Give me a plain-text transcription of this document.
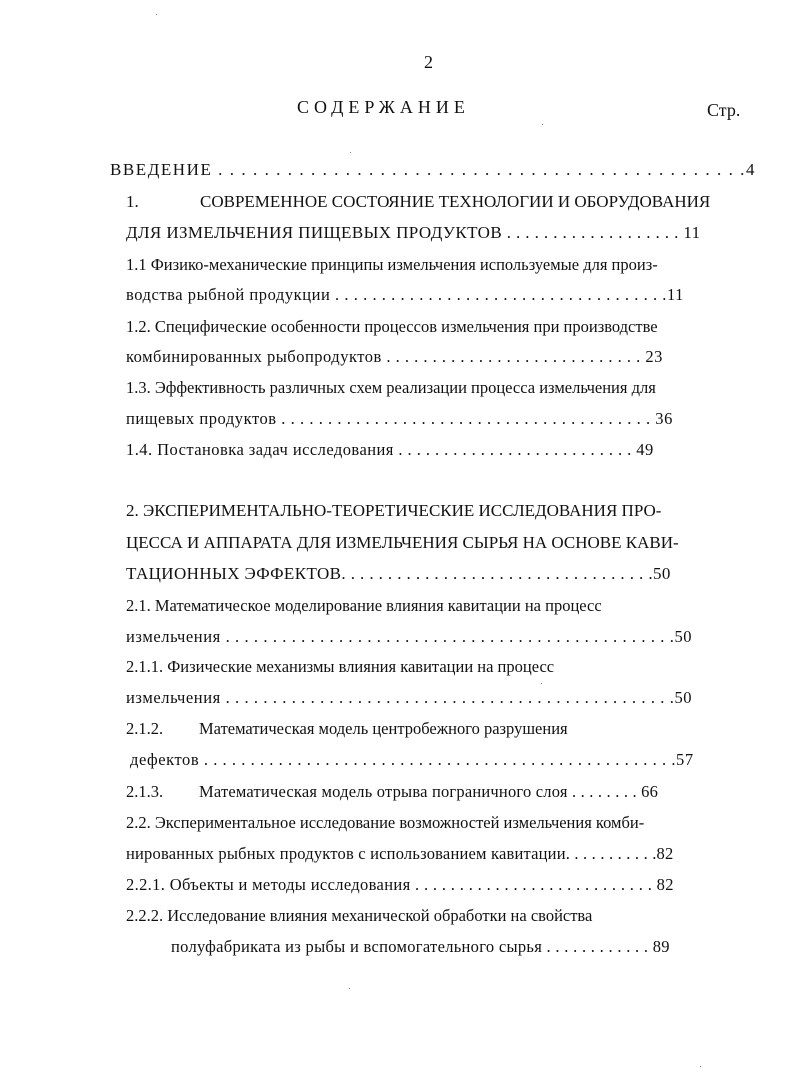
2
СОДЕРЖАНИЕ	Стр.
ВВЕДЕНИЕ . . . . . . . . . . . . . . . . . . . . . . . . . . . . . . . . . . . . . . . . . . . . . .4
1.	СОВРЕМЕННОЕ СОСТОЯНИЕ ТЕХНОЛОГИИ И ОБОРУДОВАНИЯ
ДЛЯ ИЗМЕЛЬЧЕНИЯ ПИЩЕВЫХ ПРОДУКТОВ . . . . . . . . . . . . . . . . . . . 11
1.1 Физико-механические принципы измельчения используемые для произ-
водства рыбной продукции . . . . . . . . . . . . . . . . . . . . . . . . . . . . . . . . . . . .11
1.2. Специфические особенности процессов измельчения при производстве
комбинированных рыбопродуктов . . . . . . . . . . . . . . . . . . . . . . . . . . . . 23
1.3. Эффективность различных схем реализации процесса измельчения для
пищевых продуктов . . . . . . . . . . . . . . . . . . . . . . . . . . . . . . . . . . . . . . . . 36
1.4. Постановка задач исследования . . . . . . . . . . . . . . . . . . . . . . . . . . 49
2. ЭКСПЕРИМЕНТАЛЬНО-ТЕОРЕТИЧЕСКИЕ ИССЛЕДОВАНИЯ ПРО-
ЦЕССА И АППАРАТА ДЛЯ ИЗМЕЛЬЧЕНИЯ СЫРЬЯ НА ОСНОВЕ КАВИ-
ТАЦИОННЫХ ЭФФЕКТОВ. . . . . . . . . . . . . . . . . . . . . . . . . . . . . . . . . .50
2.1. Математическое моделирование влияния кавитации на процесс
измельчения . . . . . . . . . . . . . . . . . . . . . . . . . . . . . . . . . . . . . . . . . . . . . . . .50
2.1.1. Физические механизмы влияния кавитации на процесс
измельчения . . . . . . . . . . . . . . . . . . . . . . . . . . . . . . . . . . . . . . . . . . . . . . . .50
2.1.2. Математическая модель центробежного разрушения
дефектов . . . . . . . . . . . . . . . . . . . . . . . . . . . . . . . . . . . . . . . . . . . . . . . . . . .57
2.1.3. Математическая модель отрыва пограничного слоя . . . . . . . . 66
2.2. Экспериментальное исследование возможностей измельчения комби-
нированных рыбных продуктов с использованием кавитации. . . . . . . . . . .82
2.2.1. Объекты и методы исследования . . . . . . . . . . . . . . . . . . . . . . . . . . . 82
2.2.2. Исследование влияния механической обработки на свойства
полуфабриката из рыбы и вспомогательного сырья . . . . . . . . . . . . 89
